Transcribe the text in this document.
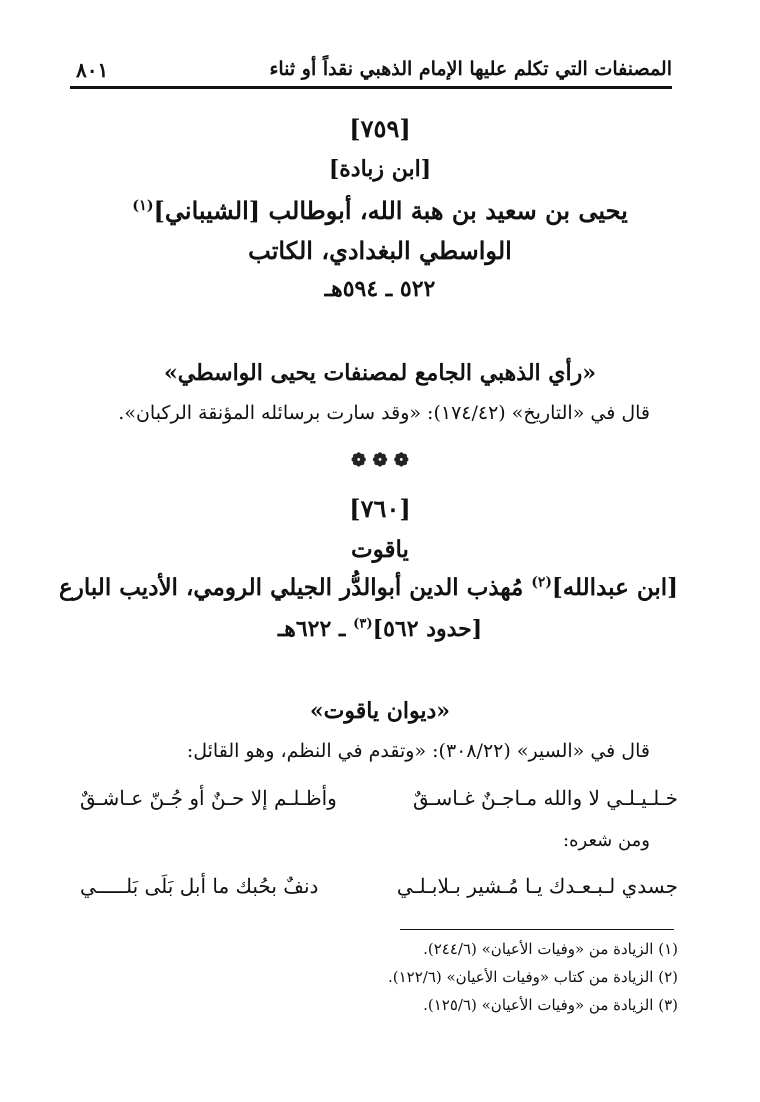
المصنفات التي تكلم عليها الإمام الذهبي نقداً أو ثناء
٨٠١
[٧٥٩]
[ابن زبادة]
يحيى بن سعيد بن هبة الله، أبوطالب [الشيباني]$^{(١)}$
الواسطي البغدادي، الكاتب
٥٢٢ ـ ٥٩٤هـ
«رأي الذهبي الجامع لمصنفات يحيى الواسطي»
قال في «التاريخ» (١٧٤/٤٢): «وقد سارت برسائله المؤنقة الركبان».
❁ ❁ ❁
[٧٦٠]
ياقوت
[ابن عبدالله]$^{(٢)}$ مُهذب الدين أبوالدُّر الجيلي الرومي، الأديب البارع
[حدود ٥٦٢]$^{(٣)}$ ـ ٦٢٢هـ
«ديوان ياقوت»
قال في «السير» (٣٠٨/٢٢): «وتقدم في النظم، وهو القائل:
خـلـيـلـي لا والله مـاجـنٌ غـاسـقٌ
وأظـلـم إلا حـنٌ أو جُـنّ عـاشـقٌ
ومن شعره:
جسدي لـبـعـدك يـا مُـشير بـلابـلـي
دنفٌ بحُبك ما أبل بَلَى بَلـــــي
(١) الزيادة من «وفيات الأعيان» (٢٤٤/٦).
(٢) الزيادة من كتاب «وفيات الأعيان» (١٢٢/٦).
(٣) الزيادة من «وفيات الأعيان» (١٢٥/٦).
